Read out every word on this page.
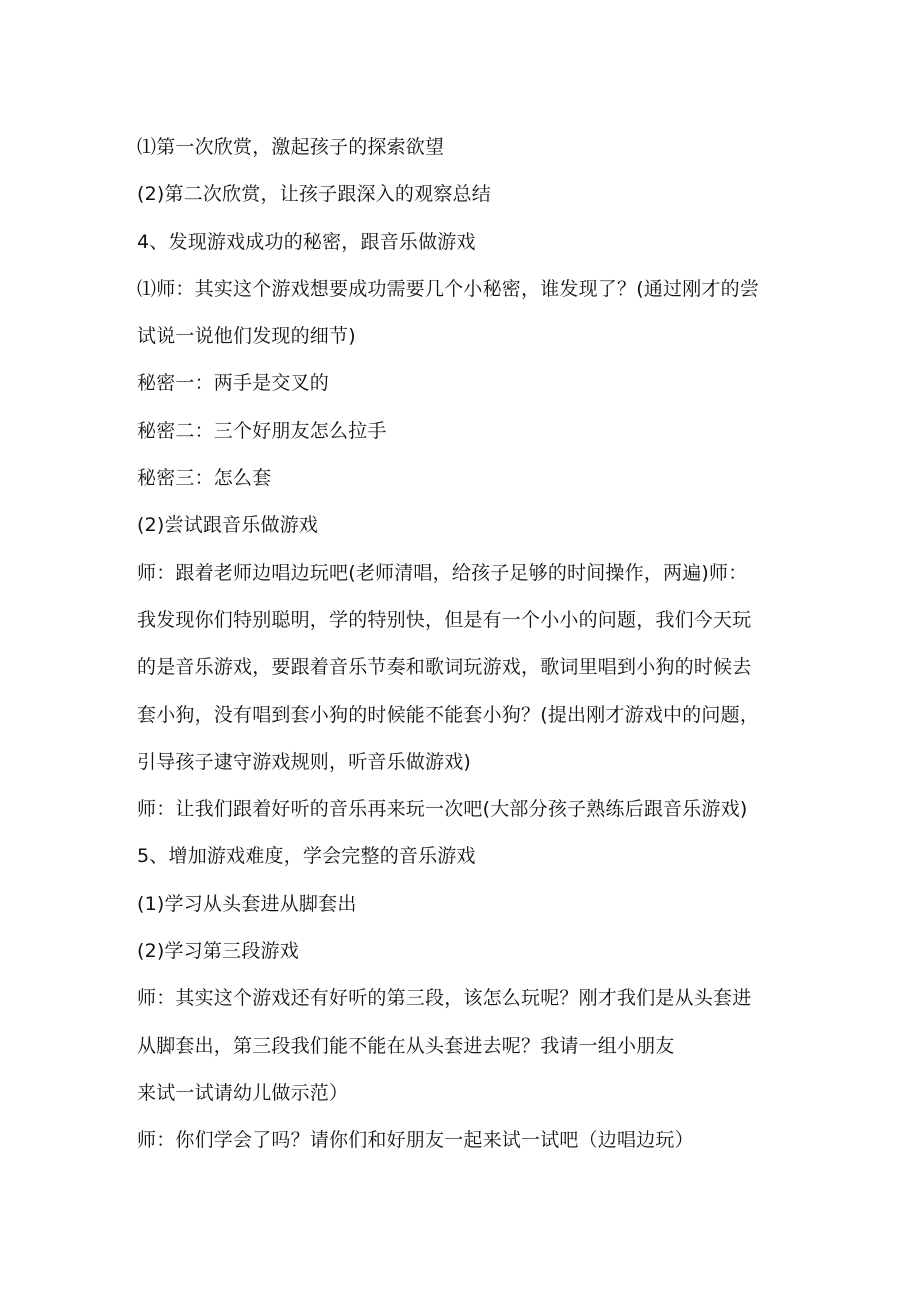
⑴第一次欣赏，激起孩子的探索欲望
(2)第二次欣赏，让孩子跟深入的观察总结
4、发现游戏成功的秘密，跟音乐做游戏
⑴师：其实这个游戏想要成功需要几个小秘密，谁发现了？(通过刚才的尝
试说一说他们发现的细节)
秘密一：两手是交叉的
秘密二：三个好朋友怎么拉手
秘密三：怎么套
(2)尝试跟音乐做游戏
师：跟着老师边唱边玩吧(老师清唱，给孩子足够的时间操作，两遍)师：
我发现你们特别聪明，学的特别快，但是有一个小小的问题，我们今天玩
的是音乐游戏，要跟着音乐节奏和歌词玩游戏，歌词里唱到小狗的时候去
套小狗，没有唱到套小狗的时候能不能套小狗？(提出刚才游戏中的问题，
引导孩子逮守游戏规则，听音乐做游戏)
师：让我们跟着好听的音乐再来玩一次吧(大部分孩子熟练后跟音乐游戏)
5、增加游戏难度，学会完整的音乐游戏
(1)学习从头套进从脚套出
(2)学习第三段游戏
师：其实这个游戏还有好听的第三段，该怎么玩呢？刚才我们是从头套进
从脚套出，第三段我们能不能在从头套进去呢？我请一组小朋友
来试一试请幼儿做示范）
师：你们学会了吗？请你们和好朋友一起来试一试吧（边唱边玩）
